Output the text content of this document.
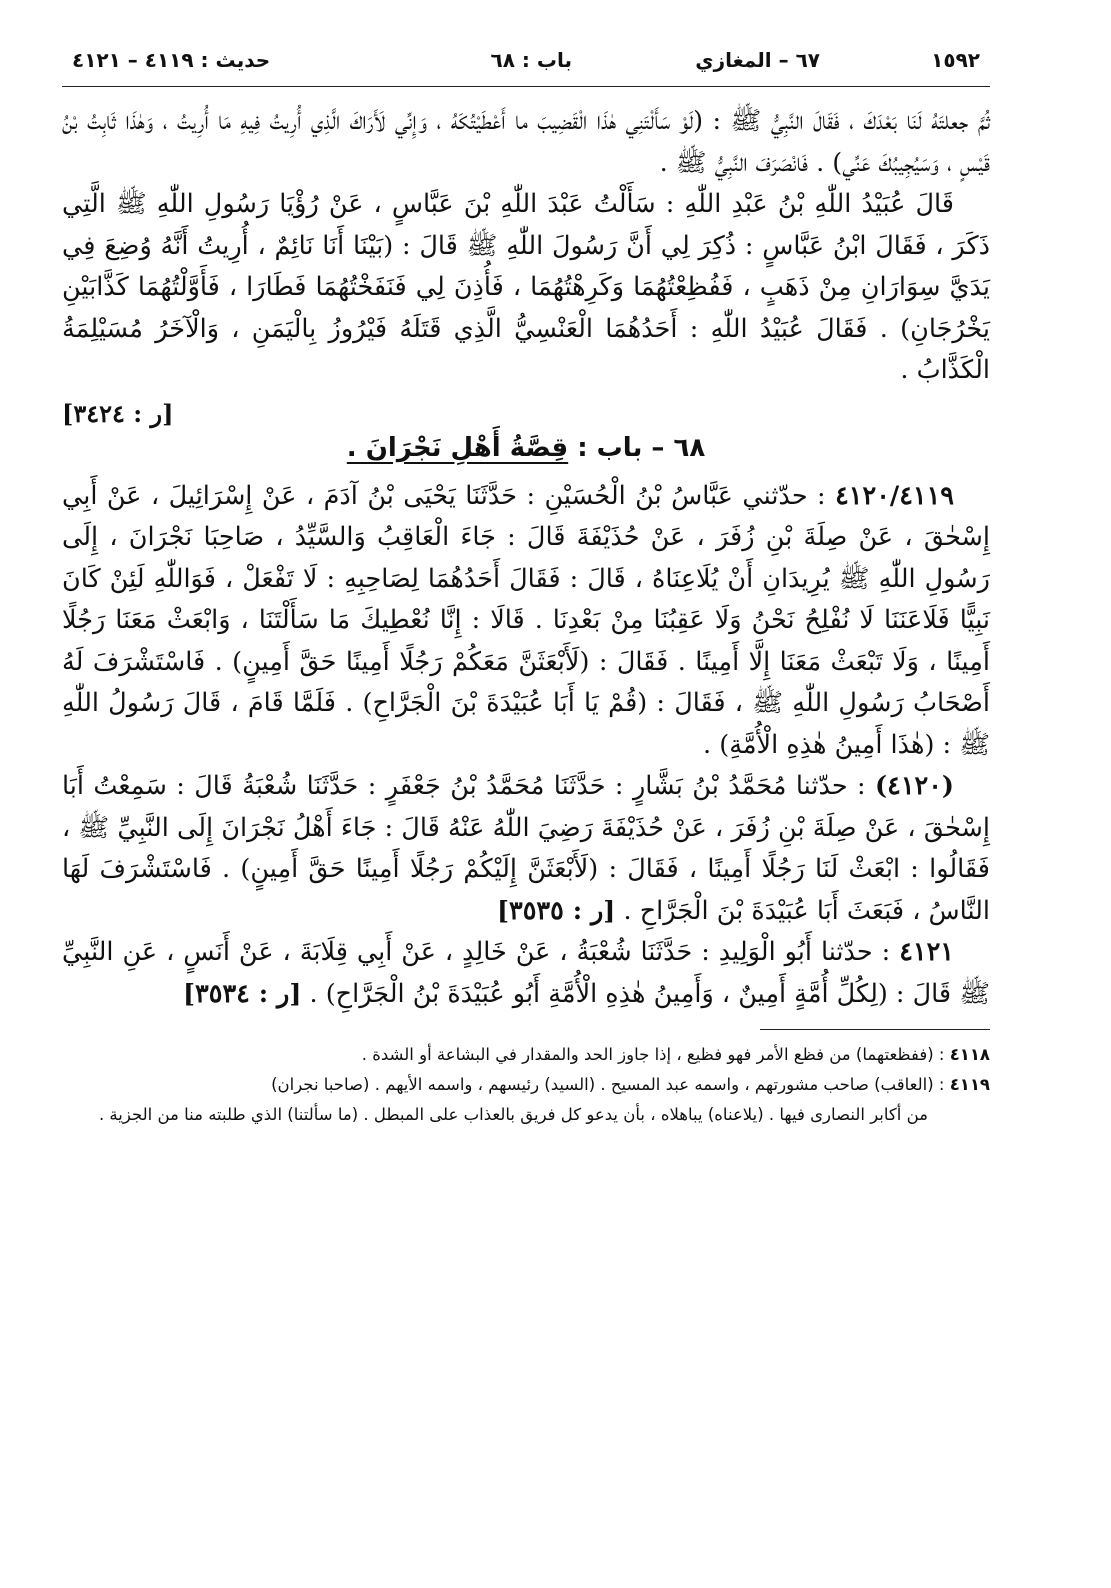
١٥٩٢
٦٧ – المغازي
باب : ٦٨
حديث : ٤١١٩ – ٤١٢١

ثُمَّ جعلتَهُ لَنَا بَعْدَكَ ، فَقَالَ النَّبِيُّ ﷺ : (لَوْ سَأَلْتَنِي هٰذَا الْقَضِيبَ ما أَعْطَيْتُكَهُ ، وَإِنِّي لَأَرَاكَ الَّذِي أُرِيتُ فِيهِ مَا أُرِيتُ ، وَهٰذَا ثَابِتُ بْنُ قَيْسٍ ، وَسَيُجِيبُكَ عَنِّي) . فَانْصَرَفَ النَّبِيُّ ﷺ .

قَالَ عُبَيْدُ اللّٰهِ بْنُ عَبْدِ اللّٰهِ : سَأَلْتُ عَبْدَ اللّٰهِ بْنَ عَبَّاسٍ ، عَنْ رُؤْيَا رَسُولِ اللّٰهِ ﷺ الَّتِي ذَكَرَ ، فَقَالَ ابْنُ عَبَّاسٍ : ذُكِرَ لِي أَنَّ رَسُولَ اللّٰهِ ﷺ قَالَ : (بَيْنَا أَنَا نَائِمٌ ، أُرِيتُ أَنَّهُ وُضِعَ فِي يَدَيَّ سِوَارَانِ مِنْ ذَهَبٍ ، فَفُظِعْتُهُمَا وَكَرِهْتُهُمَا ، فَأُذِنَ لِي فَنَفَخْتُهُمَا فَطَارَا ، فَأَوَّلْتُهُمَا كَذَّابَيْنِ يَخْرُجَانِ) . فَقَالَ عُبَيْدُ اللّٰهِ : أَحَدُهُمَا الْعَنْسِيُّ الَّذِي قَتَلَهُ فَيْرُوزُ بِالْيَمَنِ ، وَالْآخَرُ مُسَيْلِمَةُ الْكَذَّابُ .

[ر : ٣٤٢٤]
٦٨ – باب : قِصَّةُ أَهْلِ نَجْرَانَ .

٤١٢٠/٤١١٩ : حدّثني عَبَّاسُ بْنُ الْحُسَيْنِ : حَدَّثَنَا يَحْيَى بْنُ آدَمَ ، عَنْ إِسْرَائِيلَ ، عَنْ أَبِي إِسْحٰقَ ، عَنْ صِلَةَ بْنِ زُفَرَ ، عَنْ حُذَيْفَةَ قَالَ : جَاءَ الْعَاقِبُ وَالسَّيِّدُ ، صَاحِبَا نَجْرَانَ ، إِلَى رَسُولِ اللّٰهِ ﷺ يُرِيدَانِ أَنْ يُلَاعِنَاهُ ، قَالَ : فَقَالَ أَحَدُهُمَا لِصَاحِبِهِ : لَا تَفْعَلْ ، فَوَاللّٰهِ لَئِنْ كَانَ نَبِيًّا فَلَاعَنَنَا لَا نُفْلِحُ نَحْنُ وَلَا عَقِبُنَا مِنْ بَعْدِنَا . قَالَا : إِنَّا نُعْطِيكَ مَا سَأَلْتَنَا ، وَابْعَثْ مَعَنَا رَجُلًا أَمِينًا ، وَلَا تَبْعَثْ مَعَنَا إِلَّا أَمِينًا . فَقَالَ : (لَأَبْعَثَنَّ مَعَكُمْ رَجُلًا أَمِينًا حَقَّ أَمِينٍ) . فَاسْتَشْرَفَ لَهُ أَصْحَابُ رَسُولِ اللّٰهِ ﷺ ، فَقَالَ : (قُمْ يَا أَبَا عُبَيْدَةَ بْنَ الْجَرَّاحِ) . فَلَمَّا قَامَ ، قَالَ رَسُولُ اللّٰهِ ﷺ : (هٰذَا أَمِينُ هٰذِهِ الْأُمَّةِ) .

(٤١٢٠) : حدّثنا مُحَمَّدُ بْنُ بَشَّارٍ : حَدَّثَنَا مُحَمَّدُ بْنُ جَعْفَرٍ : حَدَّثَنَا شُعْبَةُ قَالَ : سَمِعْتُ أَبَا إِسْحٰقَ ، عَنْ صِلَةَ بْنِ زُفَرَ ، عَنْ حُذَيْفَةَ رَضِيَ اللّٰهُ عَنْهُ قَالَ : جَاءَ أَهْلُ نَجْرَانَ إِلَى النَّبِيِّ ﷺ ، فَقَالُوا : ابْعَثْ لَنَا رَجُلًا أَمِينًا ، فَقَالَ : (لَأَبْعَثَنَّ إِلَيْكُمْ رَجُلًا أَمِينًا حَقَّ أَمِينٍ) . فَاسْتَشْرَفَ لَهَا النَّاسُ ، فَبَعَثَ أَبَا عُبَيْدَةَ بْنَ الْجَرَّاحِ . [ر : ٣٥٣٥]

٤١٢١ : حدّثنا أَبُو الْوَلِيدِ : حَدَّثَنَا شُعْبَةُ ، عَنْ خَالِدٍ ، عَنْ أَبِي قِلَابَةَ ، عَنْ أَنَسٍ ، عَنِ النَّبِيِّ ﷺ قَالَ : (لِكُلِّ أُمَّةٍ أَمِينٌ ، وَأَمِينُ هٰذِهِ الْأُمَّةِ أَبُو عُبَيْدَةَ بْنُ الْجَرَّاحِ) . [ر : ٣٥٣٤]

٤١١٨ : (ففظعتهما) من فظع الأمر فهو فظيع ، إذا جاوز الحد والمقدار في البشاعة أو الشدة .

٤١١٩ : (العاقب) صاحب مشورتهم ، واسمه عبد المسيح . (السيد) رئيسهم ، واسمه الأيهم . (صاحبا نجران)

من أكابر النصارى فيها . (يلاعناه) يباهلاه ، بأن يدعو كل فريق بالعذاب على المبطل . (ما سألتنا) الذي طلبته منا من الجزية .
